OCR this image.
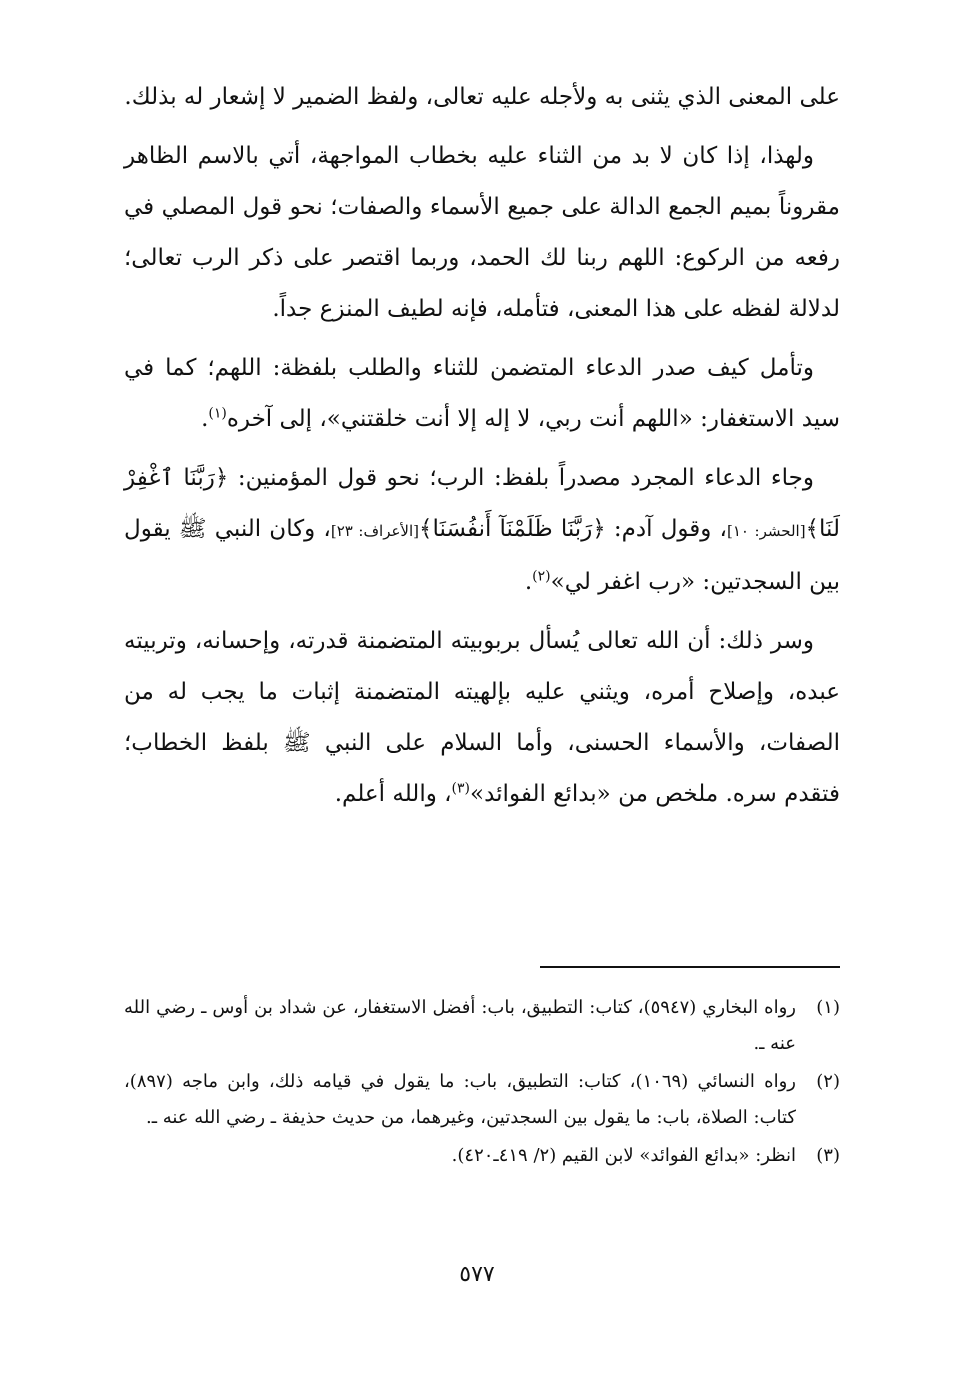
على المعنى الذي يثنى به ولأجله عليه تعالى، ولفظ الضمير لا إشعار له بذلك.

ولهذا، إذا كان لا بد من الثناء عليه بخطاب المواجهة، أتي بالاسم الظاهر مقروناً بميم الجمع الدالة على جميع الأسماء والصفات؛ نحو قول المصلي في رفعه من الركوع: اللهم ربنا لك الحمد، وربما اقتصر على ذكر الرب تعالى؛ لدلالة لفظه على هذا المعنى، فتأمله، فإنه لطيف المنزع جداً.

وتأمل كيف صدر الدعاء المتضمن للثناء والطلب بلفظة: اللهم؛ كما في سيد الاستغفار: «اللهم أنت ربي، لا إله إلا أنت خلقتني»، إلى آخره$^{(١)}$.

وجاء الدعاء المجرد مصدراً بلفظ: الرب؛ نحو قول المؤمنين: ﴿رَبَّنَا ٱغْفِرْ لَنَا﴾[الحشر: ١٠]، وقول آدم: ﴿رَبَّنَا ظَلَمْنَآ أَنفُسَنَا﴾[الأعراف: ٢٣]، وكان النبي ﷺ يقول بين السجدتين: «رب اغفر لي»$^{(٢)}$.

وسر ذلك: أن الله تعالى يُسأل بربوبيته المتضمنة قدرته، وإحسانه، وتربيته عبده، وإصلاح أمره، ويثني عليه بإلهيته المتضمنة إثبات ما يجب له من الصفات، والأسماء الحسنى، وأما السلام على النبي ﷺ بلفظ الخطاب؛ فتقدم سره. ملخص من «بدائع الفوائد»$^{(٣)}$، والله أعلم.

(١)
رواه البخاري (٥٩٤٧)، كتاب: التطبيق، باب: أفضل الاستغفار، عن شداد بن أوس ـ رضي الله عنه ـ.
(٢)
رواه النسائي (١٠٦٩)، كتاب: التطبيق، باب: ما يقول في قيامه ذلك، وابن ماجه (٨٩٧)، كتاب: الصلاة، باب: ما يقول بين السجدتين، وغيرهما، من حديث حذيفة ـ رضي الله عنه ـ.
(٣)
انظر: «بدائع الفوائد» لابن القيم (٢/ ٤١٩ـ٤٢٠).
٥٧٧
